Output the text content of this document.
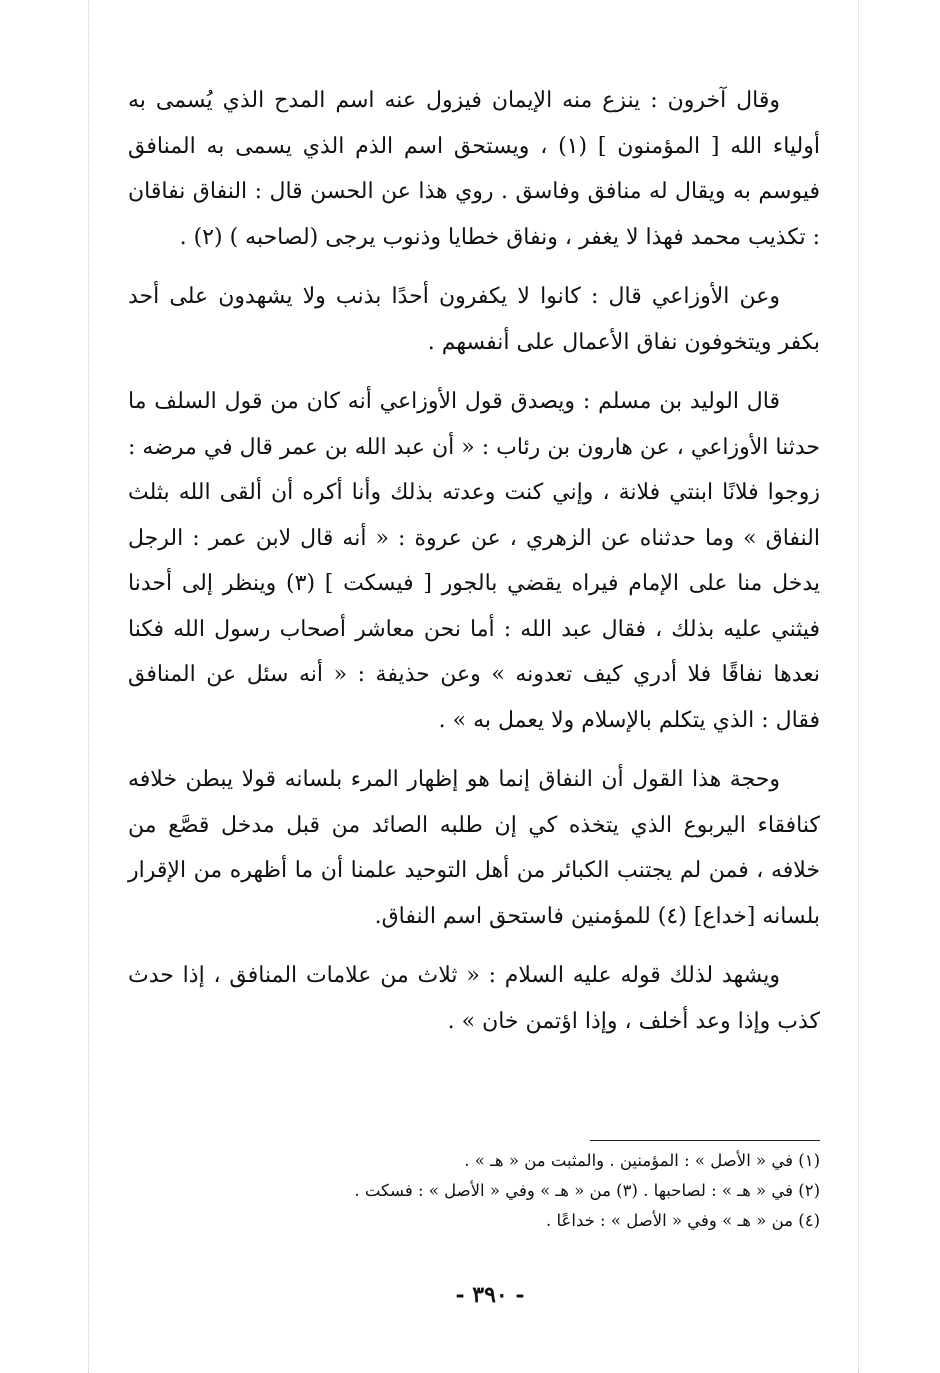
وقال آخرون : ينزع منه الإيمان فيزول عنه اسم المدح الذي يُسمى به أولياء الله [ المؤمنون ] (١) ، ويستحق اسم الذم الذي يسمى به المنافق فيوسم به ويقال له منافق وفاسق . روي هذا عن الحسن قال : النفاق نفاقان : تكذيب محمد فهذا لا يغفر ، ونفاق خطايا وذنوب يرجى (لصاحبه ) (٢) .

وعن الأوزاعي قال : كانوا لا يكفرون أحدًا بذنب ولا يشهدون على أحد بكفر ويتخوفون نفاق الأعمال على أنفسهم .

قال الوليد بن مسلم : ويصدق قول الأوزاعي أنه كان من قول السلف ما حدثنا الأوزاعي ، عن هارون بن رئاب : « أن عبد الله بن عمر قال في مرضه : زوجوا فلانًا ابنتي فلانة ، وإني كنت وعدته بذلك وأنا أكره أن ألقى الله بثلث النفاق » وما حدثناه عن الزهري ، عن عروة : « أنه قال لابن عمر : الرجل يدخل منا على الإمام فيراه يقضي بالجور [ فيسكت ] (٣) وينظر إلى أحدنا فيثني عليه بذلك ، فقال عبد الله : أما نحن معاشر أصحاب رسول الله فكنا نعدها نفاقًا فلا أدري كيف تعدونه » وعن حذيفة : « أنه سئل عن المنافق فقال : الذي يتكلم بالإسلام ولا يعمل به » .

وحجة هذا القول أن النفاق إنما هو إظهار المرء بلسانه قولا يبطن خلافه كنافقاء اليربوع الذي يتخذه كي إن طلبه الصائد من قبل مدخل قصَّع من خلافه ، فمن لم يجتنب الكبائر من أهل التوحيد علمنا أن ما أظهره من الإقرار بلسانه [خداع] (٤) للمؤمنين فاستحق اسم النفاق.

ويشهد لذلك قوله عليه السلام : « ثلاث من علامات المنافق ، إذا حدث كذب وإذا وعد أخلف ، وإذا اؤتمن خان » .

(١) في « الأصل » : المؤمنين . والمثبت من « هـ » .

(٢) في « هـ » : لصاحبها . (٣) من « هـ » وفي « الأصل » : فسكت .

(٤) من « هـ » وفي « الأصل » : خداعًا .

- ٣٩٠ -
